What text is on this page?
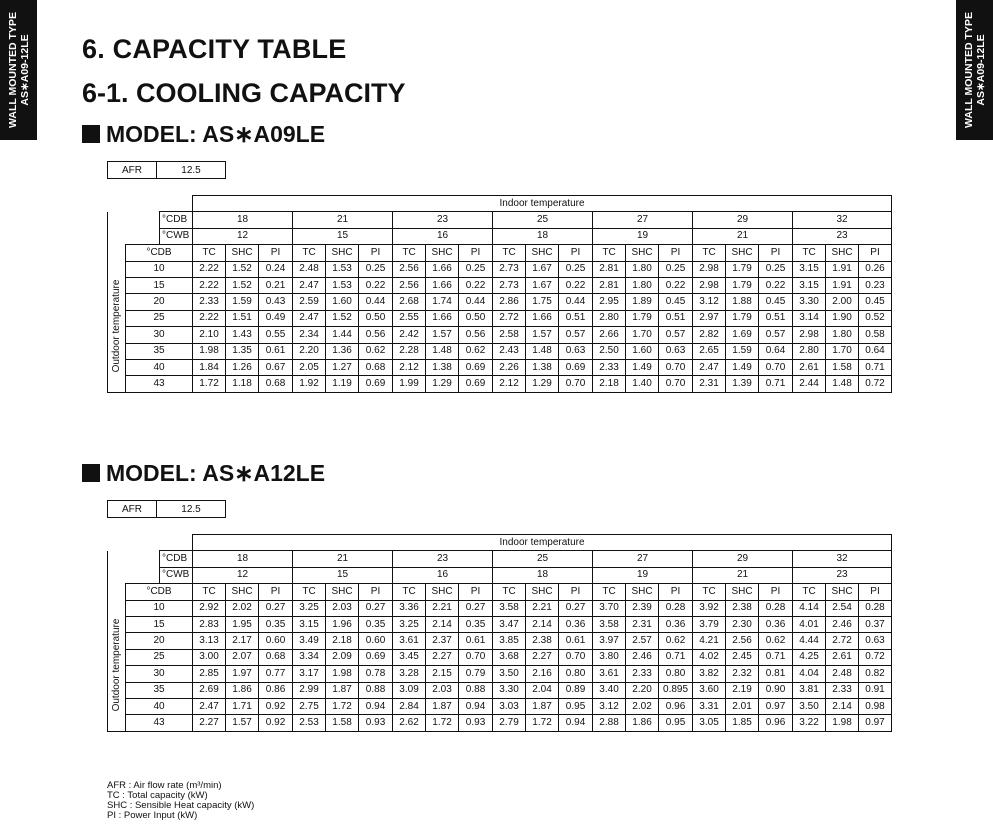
WALL MOUNTED TYPE AS∗A09-12LE	WALL MOUNTED TYPE AS∗A09-12LE
6. CAPACITY TABLE
6-1. COOLING CAPACITY
MODEL: AS∗A09LE
AFR	12.5
			Indoor temperature																				
		°CDB	18			21			23			25			27			29			32		
		°CWB	12			15			16			18			19			21			23		
	°CDB		TC	SHC	PI	TC	SHC	PI	TC	SHC	PI	TC	SHC	PI	TC	SHC	PI	TC	SHC	PI	TC	SHC	PI

Outdoor temperature	10		2.22	1.52	0.24	2.48	1.53	0.25	2.56	1.66	0.25	2.73	1.67	0.25	2.81	1.80	0.25	2.98	1.79	0.25	3.15	1.91	0.26
	15		2.22	1.52	0.21	2.47	1.53	0.22	2.56	1.66	0.22	2.73	1.67	0.22	2.81	1.80	0.22	2.98	1.79	0.22	3.15	1.91	0.23
	20		2.33	1.59	0.43	2.59	1.60	0.44	2.68	1.74	0.44	2.86	1.75	0.44	2.95	1.89	0.45	3.12	1.88	0.45	3.30	2.00	0.45
	25		2.22	1.51	0.49	2.47	1.52	0.50	2.55	1.66	0.50	2.72	1.66	0.51	2.80	1.79	0.51	2.97	1.79	0.51	3.14	1.90	0.52
	30		2.10	1.43	0.55	2.34	1.44	0.56	2.42	1.57	0.56	2.58	1.57	0.57	2.66	1.70	0.57	2.82	1.69	0.57	2.98	1.80	0.58
	35		1.98	1.35	0.61	2.20	1.36	0.62	2.28	1.48	0.62	2.43	1.48	0.63	2.50	1.60	0.63	2.65	1.59	0.64	2.80	1.70	0.64
	40		1.84	1.26	0.67	2.05	1.27	0.68	2.12	1.38	0.69	2.26	1.38	0.69	2.33	1.49	0.70	2.47	1.49	0.70	2.61	1.58	0.71
	43		1.72	1.18	0.68	1.92	1.19	0.69	1.99	1.29	0.69	2.12	1.29	0.70	2.18	1.40	0.70	2.31	1.39	0.71	2.44	1.48	0.72
MODEL: AS∗A12LE
AFR	12.5
			Indoor temperature																				
		°CDB	18			21			23			25			27			29			32		
		°CWB	12			15			16			18			19			21			23		
	°CDB		TC	SHC	PI	TC	SHC	PI	TC	SHC	PI	TC	SHC	PI	TC	SHC	PI	TC	SHC	PI	TC	SHC	PI

Outdoor temperature	10		2.92	2.02	0.27	3.25	2.03	0.27	3.36	2.21	0.27	3.58	2.21	0.27	3.70	2.39	0.28	3.92	2.38	0.28	4.14	2.54	0.28
	15		2.83	1.95	0.35	3.15	1.96	0.35	3.25	2.14	0.35	3.47	2.14	0.36	3.58	2.31	0.36	3.79	2.30	0.36	4.01	2.46	0.37
	20		3.13	2.17	0.60	3.49	2.18	0.60	3.61	2.37	0.61	3.85	2.38	0.61	3.97	2.57	0.62	4.21	2.56	0.62	4.44	2.72	0.63
	25		3.00	2.07	0.68	3.34	2.09	0.69	3.45	2.27	0.70	3.68	2.27	0.70	3.80	2.46	0.71	4.02	2.45	0.71	4.25	2.61	0.72
	30		2.85	1.97	0.77	3.17	1.98	0.78	3.28	2.15	0.79	3.50	2.16	0.80	3.61	2.33	0.80	3.82	2.32	0.81	4.04	2.48	0.82
	35		2.69	1.86	0.86	2.99	1.87	0.88	3.09	2.03	0.88	3.30	2.04	0.89	3.40	2.20	0.895	3.60	2.19	0.90	3.81	2.33	0.91
	40		2.47	1.71	0.92	2.75	1.72	0.94	2.84	1.87	0.94	3.03	1.87	0.95	3.12	2.02	0.96	3.31	2.01	0.97	3.50	2.14	0.98
	43		2.27	1.57	0.92	2.53	1.58	0.93	2.62	1.72	0.93	2.79	1.72	0.94	2.88	1.86	0.95	3.05	1.85	0.96	3.22	1.98	0.97
AFR : Air flow rate (m³/min)
TC : Total capacity (kW)
SHC : Sensible Heat capacity (kW)
PI : Power Input (kW)
